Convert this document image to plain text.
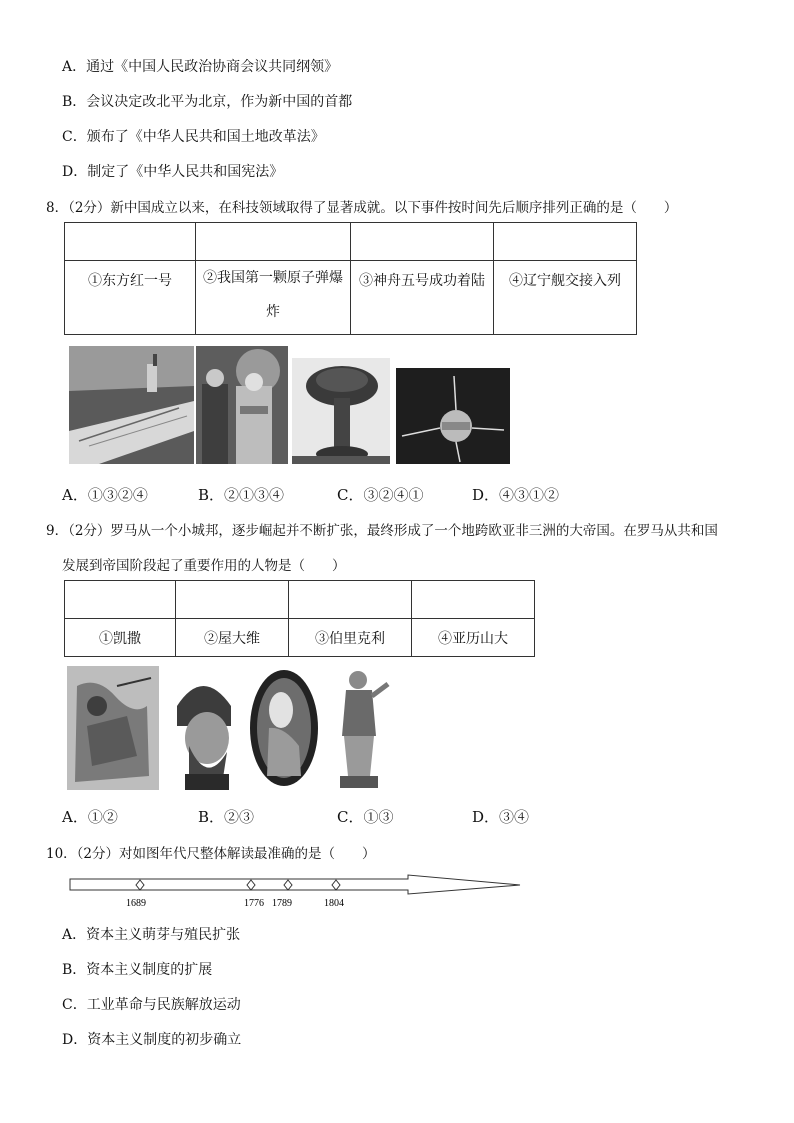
A．通过《中国人民政治协商会议共同纲领》
B．会议决定改北平为北京，作为新中国的首都
C．颁布了《中华人民共和国土地改革法》
D．制定了《中华人民共和国宪法》
8．（2分）新中国成立以来，在科技领域取得了显著成就。以下事件按时间先后顺序排列正确的是（　　）

①东方红一号	②我国第一颗原子弹爆
炸	③神舟五号成功着陆	④辽宁舰交接入列
A．①③②④	B．②①③④	C．③②④①	D．④③①②
9．（2分）罗马从一个小城邦，逐步崛起并不断扩张，最终形成了一个地跨欧亚非三洲的大帝国。在罗马从共和国
发展到帝国阶段起了重要作用的人物是（　　）

①凯撒	②屋大维	③伯里克利	④亚历山大
A．①②	B．②③	C．①③	D．③④
10．（2分）对如图年代尺整体解读最准确的是（　　）
1689	1776 1789	1804
A．资本主义萌芽与殖民扩张
B．资本主义制度的扩展
C．工业革命与民族解放运动
D．资本主义制度的初步确立
